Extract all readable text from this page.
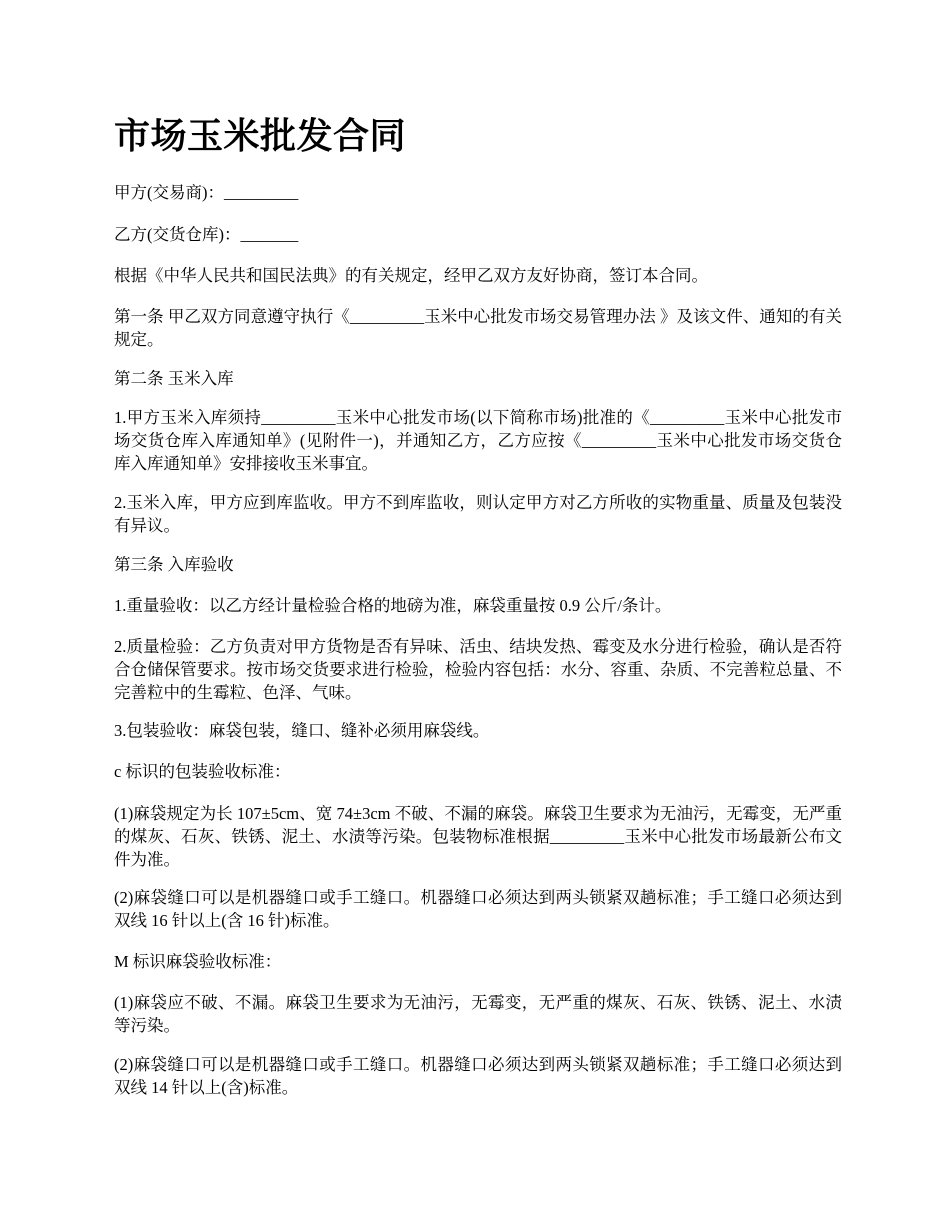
市场玉米批发合同

甲方(交易商)：_________

乙方(交货仓库)：_______

根据《中华人民共和国民法典》的有关规定，经甲乙双方友好协商，签订本合同。

第一条 甲乙双方同意遵守执行《_________玉米中心批发市场交易管理办法 》及该文件、通知的有关规定。

第二条 玉米入库

1.甲方玉米入库须持_________玉米中心批发市场(以下简称市场)批准的《_________玉米中心批发市场交货仓库入库通知单》(见附件一)，并通知乙方，乙方应按《_________玉米中心批发市场交货仓库入库通知单》安排接收玉米事宜。

2.玉米入库，甲方应到库监收。甲方不到库监收，则认定甲方对乙方所收的实物重量、质量及包装没有异议。

第三条 入库验收

1.重量验收：以乙方经计量检验合格的地磅为准，麻袋重量按 0.9 公斤/条计。

2.质量检验：乙方负责对甲方货物是否有异味、活虫、结块发热、霉变及水分进行检验，确认是否符合仓储保管要求。按市场交货要求进行检验，检验内容包括：水分、容重、杂质、不完善粒总量、不完善粒中的生霉粒、色泽、气味。

3.包装验收：麻袋包装，缝口、缝补必须用麻袋线。

c 标识的包装验收标准：

(1)麻袋规定为长 107±5cm、宽 74±3cm 不破、不漏的麻袋。麻袋卫生要求为无油污，无霉变，无严重的煤灰、石灰、铁锈、泥土、水渍等污染。包装物标准根据_________玉米中心批发市场最新公布文件为准。

(2)麻袋缝口可以是机器缝口或手工缝口。机器缝口必须达到两头锁紧双趟标准；手工缝口必须达到双线 16 针以上(含 16 针)标准。

M 标识麻袋验收标准：

(1)麻袋应不破、不漏。麻袋卫生要求为无油污，无霉变，无严重的煤灰、石灰、铁锈、泥土、水渍等污染。

(2)麻袋缝口可以是机器缝口或手工缝口。机器缝口必须达到两头锁紧双趟标准；手工缝口必须达到双线 14 针以上(含)标准。
